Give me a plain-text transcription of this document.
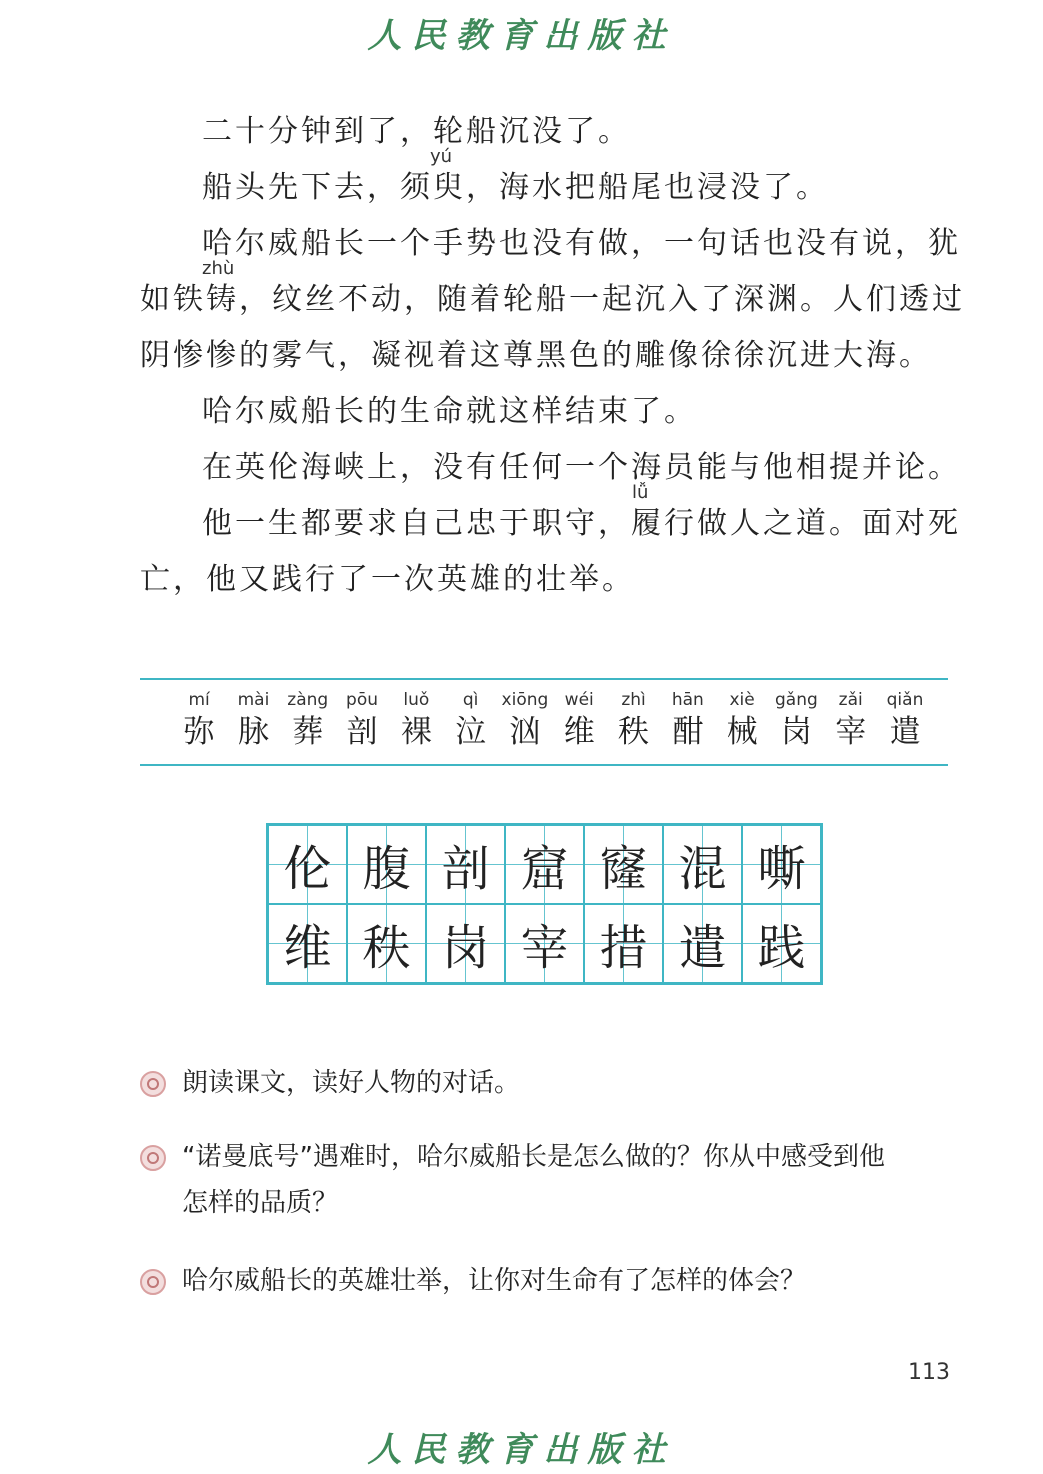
人民教育出版社
yú
zhù
lǚ
二十分钟到了，轮船沉没了。
船头先下去，须臾，海水把船尾也浸没了。
哈尔威船长一个手势也没有做，一句话也没有说，犹
如铁铸，纹丝不动，随着轮船一起沉入了深渊。人们透过
阴惨惨的雾气，凝视着这尊黑色的雕像徐徐沉进大海。
哈尔威船长的生命就这样结束了。
在英伦海峡上，没有任何一个海员能与他相提并论。
他一生都要求自己忠于职守，履行做人之道。面对死
亡，他又践行了一次英雄的壮举。
mí
弥
mài
脉
zàng
葬
pōu
剖
luǒ
裸
qì
泣
xiōng
汹
wéi
维
zhì
秩
hān
酣
xiè
械
gǎng
岗
zǎi
宰
qiǎn
遣
伦 腹 剖 窟 窿 混 嘶
维 秩 岗 宰 措 遣 践
朗读课文，读好人物的对话。
“诺曼底号”遇难时，哈尔威船长是怎么做的？你从中感受到他
怎样的品质？
哈尔威船长的英雄壮举，让你对生命有了怎样的体会？
113
人民教育出版社
